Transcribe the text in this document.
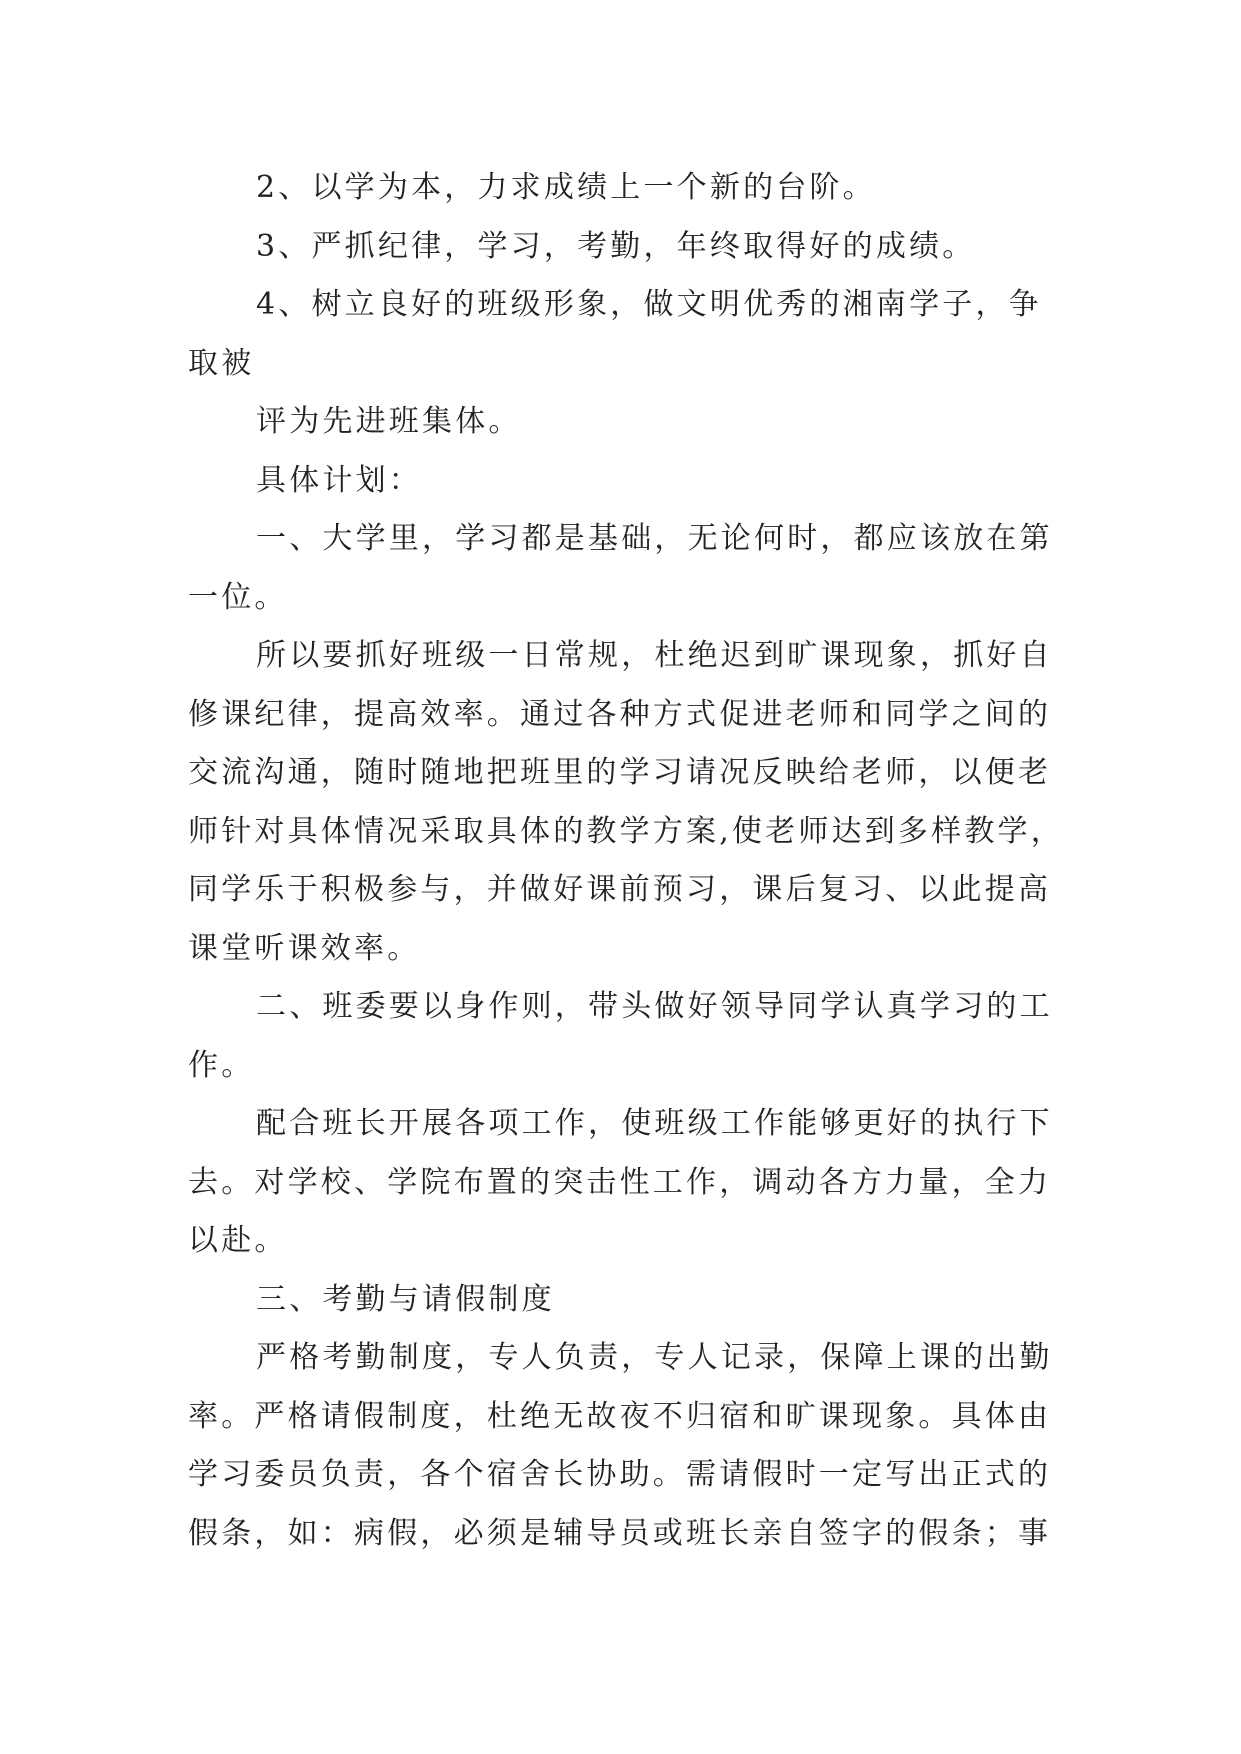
2、以学为本，力求成绩上一个新的台阶。
3、严抓纪律，学习，考勤，年终取得好的成绩。
4、树立良好的班级形象，做文明优秀的湘南学子，争
取被
评为先进班集体。
具体计划：
一、大学里，学习都是基础，无论何时，都应该放在第
一位。
所以要抓好班级一日常规，杜绝迟到旷课现象，抓好自
修课纪律，提高效率。通过各种方式促进老师和同学之间的
交流沟通，随时随地把班里的学习请况反映给老师，以便老
师针对具体情况采取具体的教学方案,使老师达到多样教学，
同学乐于积极参与，并做好课前预习，课后复习、以此提高
课堂听课效率。
二、班委要以身作则，带头做好领导同学认真学习的工
作。
配合班长开展各项工作，使班级工作能够更好的执行下
去。对学校、学院布置的突击性工作，调动各方力量，全力
以赴。
三、考勤与请假制度
严格考勤制度，专人负责，专人记录，保障上课的出勤
率。严格请假制度，杜绝无故夜不归宿和旷课现象。具体由
学习委员负责，各个宿舍长协助。需请假时一定写出正式的
假条，如：病假，必须是辅导员或班长亲自签字的假条；事
